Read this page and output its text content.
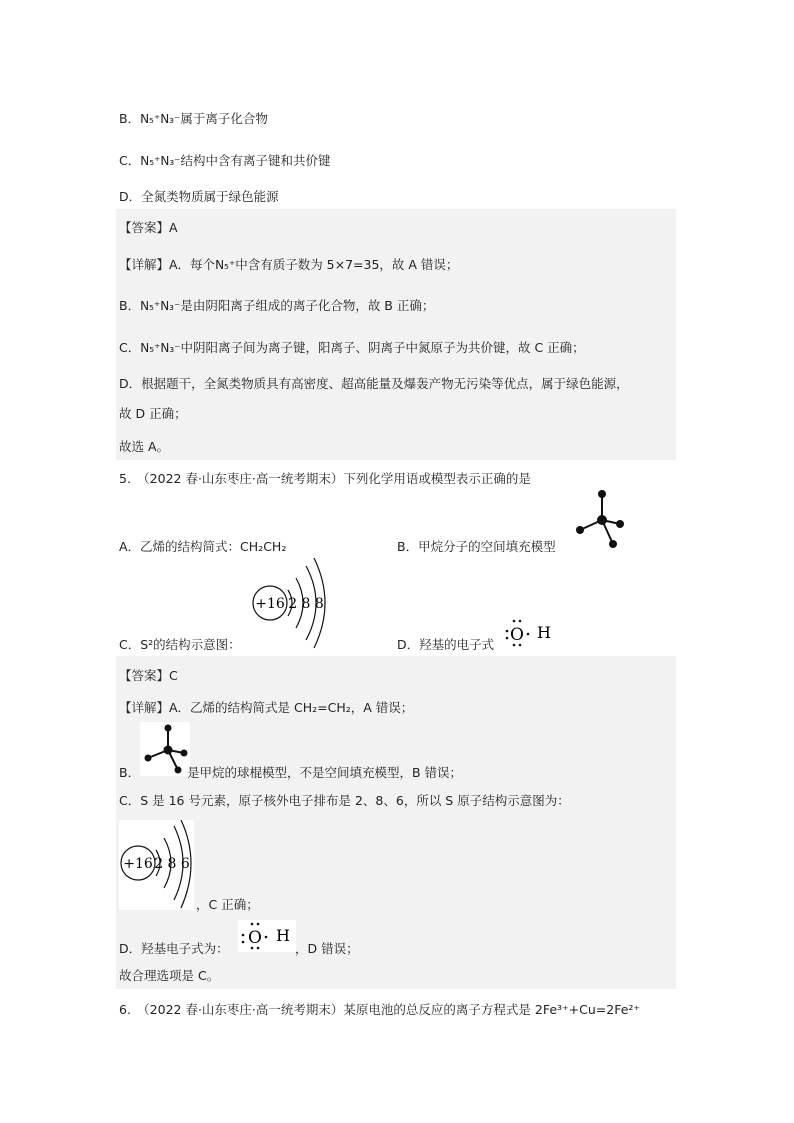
B．N₅⁺N₃⁻属于离子化合物
C．N₅⁺N₃⁻结构中含有离子键和共价键
D．全氮类物质属于绿色能源
【答案】A
【详解】A．每个N₅⁺中含有质子数为 5×7=35，故 A 错误；
B．N₅⁺N₃⁻是由阴阳离子组成的离子化合物，故 B 正确；
C．N₅⁺N₃⁻中阴阳离子间为离子键，阳离子、阴离子中氮原子为共价键，故 C 正确；
D．根据题干，全氮类物质具有高密度、超高能量及爆轰产物无污染等优点，属于绿色能源，
故 D 正确；
故选 A。
5.　（2022 春·山东枣庄·高一统考期末）下列化学用语或模型表示正确的是
A．乙烯的结构简式：CH₂CH₂	B．甲烷分子的空间填充模型
C．S²的结构示意图：
+16 2 8 8
D．羟基的电子式 O H
【答案】C
【详解】A．乙烯的结构简式是 CH₂=CH₂，A 错误；
B．	是甲烷的球棍模型，不是空间填充模型，B 错误；
C．S 是 16 号元素，原子核外电子排布是 2、8、6，所以 S 原子结构示意图为：
+16 2 8 6
，C 正确；
D．羟基电子式为：
O H
，D 错误；
故合理选项是 C。
6.　（2022 春·山东枣庄·高一统考期末）某原电池的总反应的离子方程式是 2Fe³⁺+Cu=2Fe²⁺
